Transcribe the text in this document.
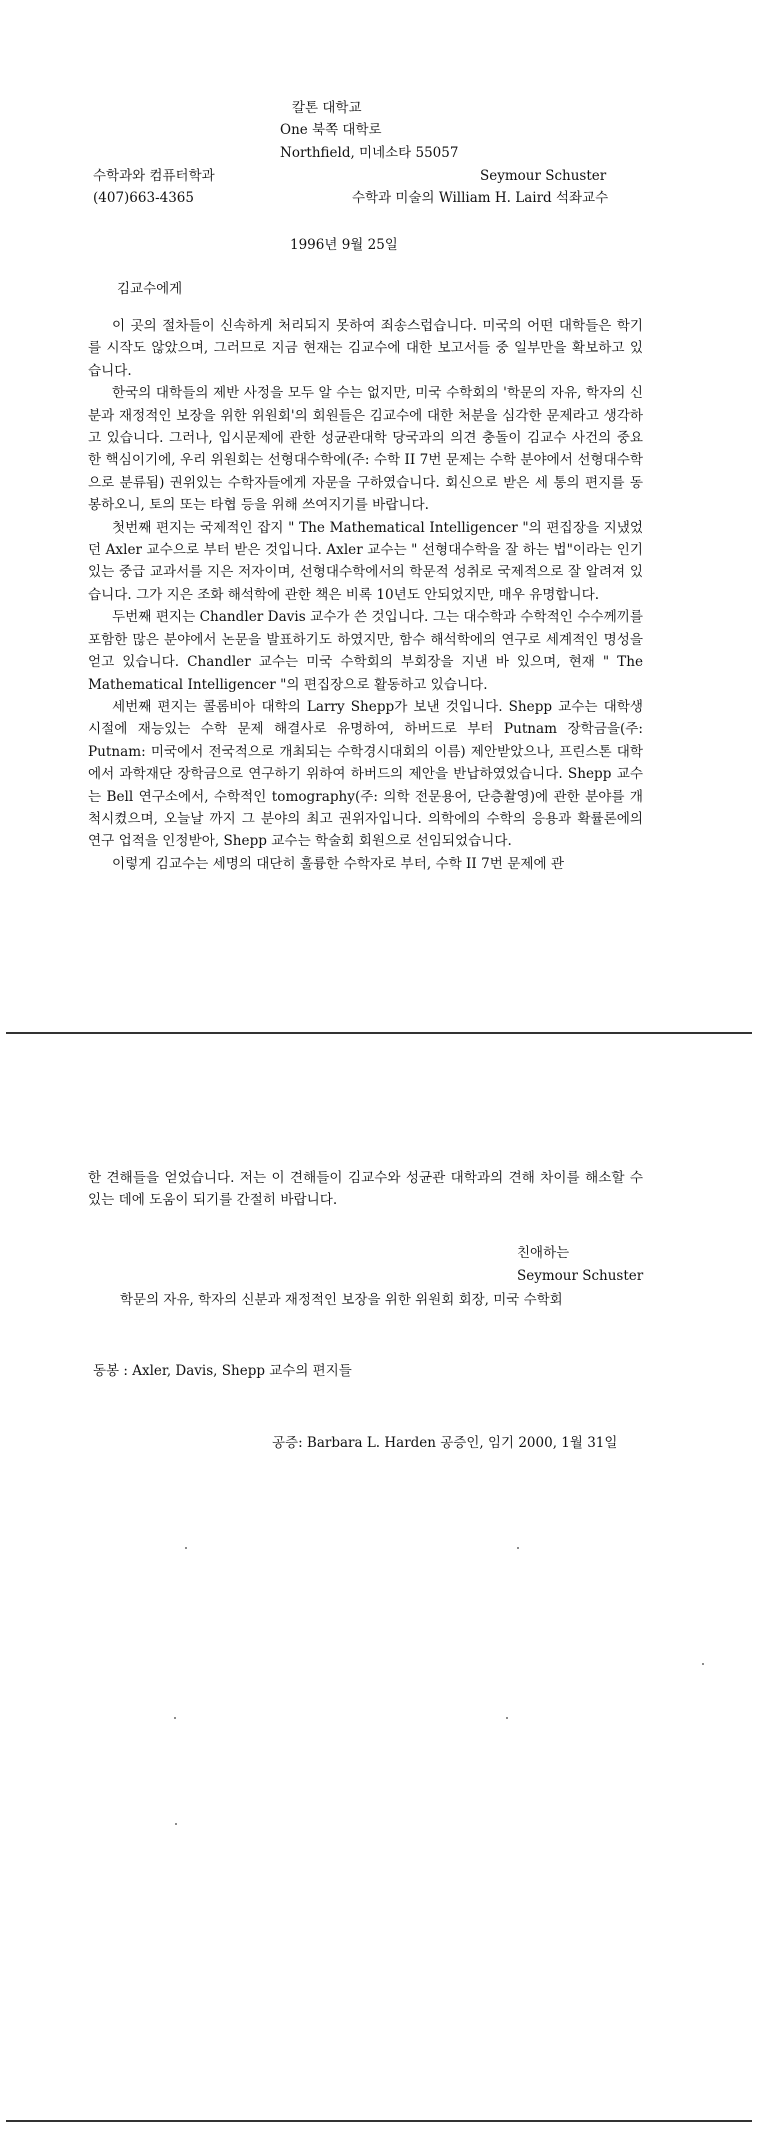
칼톤 대학교
One 북쪽 대학로
Northfield, 미네소타 55057
수학과와 컴퓨터학과	Seymour Schuster
(407)663-4365	수학과 미술의 William H. Laird 석좌교수
1996년 9월 25일
김교수에게

이 곳의 절차들이 신속하게 처리되지 못하여 죄송스럽습니다. 미국의 어떤 대학들은 학기를 시작도 않았으며, 그러므로 지금 현재는 김교수에 대한 보고서들 중 일부만을 확보하고 있습니다.

한국의 대학들의 제반 사정을 모두 알 수는 없지만, 미국 수학회의 '학문의 자유, 학자의 신분과 재정적인 보장을 위한 위원회'의 회원들은 김교수에 대한 처분을 심각한 문제라고 생각하고 있습니다. 그러나, 입시문제에 관한 성균관대학 당국과의 의견 충돌이 김교수 사건의 중요한 핵심이기에, 우리 위원회는 선형대수학에(주: 수학 II 7번 문제는 수학 분야에서 선형대수학으로 분류됨) 권위있는 수학자들에게 자문을 구하였습니다. 회신으로 받은 세 통의 편지를 동봉하오니, 토의 또는 타협 등을 위해 쓰여지기를 바랍니다.

첫번째 편지는 국제적인 잡지 " The Mathematical Intelligencer "의 편집장을 지냈었던 Axler 교수으로 부터 받은 것입니다. Axler 교수는 " 선형대수학을 잘 하는 법"이라는 인기있는 중급 교과서를 지은 저자이며, 선형대수학에서의 학문적 성취로 국제적으로 잘 알려져 있습니다. 그가 지은 조화 해석학에 관한 책은 비록 10년도 안되었지만, 매우 유명합니다.

두번째 편지는 Chandler Davis 교수가 쓴 것입니다. 그는 대수학과 수학적인 수수께끼를 포함한 많은 분야에서 논문을 발표하기도 하였지만, 함수 해석학에의 연구로 세계적인 명성을 얻고 있습니다. Chandler 교수는 미국 수학회의 부회장을 지낸 바 있으며, 현재 " The Mathematical Intelligencer "의 편집장으로 활동하고 있습니다.

세번째 편지는 콜롬비아 대학의 Larry Shepp가 보낸 것입니다. Shepp 교수는 대학생 시절에 재능있는 수학 문제 해결사로 유명하여, 하버드로 부터 Putnam 장학금을(주: Putnam: 미국에서 전국적으로 개최되는 수학경시대회의 이름) 제안받았으나, 프린스톤 대학에서 과학재단 장학금으로 연구하기 위하여 하버드의 제안을 반납하였었습니다. Shepp 교수는 Bell 연구소에서, 수학적인 tomography(주: 의학 전문용어, 단층촬영)에 관한 분야를 개척시켰으며, 오늘날 까지 그 분야의 최고 권위자입니다. 의학에의 수학의 응용과 확률론에의 연구 업적을 인정받아, Shepp 교수는 학술회 회원으로 선임되었습니다.

이렇게 김교수는 세명의 대단히 훌륭한 수학자로 부터, 수학 II 7번 문제에 관

한 견해들을 얻었습니다. 저는 이 견해들이 김교수와 성균관 대학과의 견해 차이를 해소할 수 있는 데에 도움이 되기를 간절히 바랍니다.

친애하는
Seymour Schuster
학문의 자유, 학자의 신분과 재정적인 보장을 위한 위원회 회장, 미국 수학회
동봉 : Axler, Davis, Shepp 교수의 편지들
공증: Barbara L. Harden 공증인, 임기 2000, 1월 31일
